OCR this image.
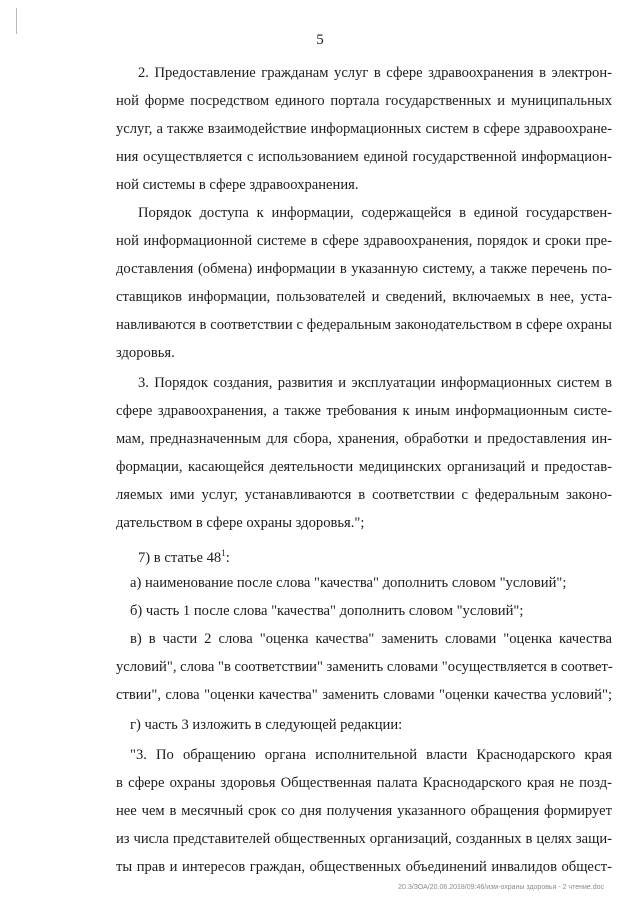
5
2. Предоставление гражданам услуг в сфере здравоохранения в электрон-
ной форме посредством единого портала государственных и муниципальных
услуг, а также взаимодействие информационных систем в сфере здравоохране-
ния осуществляется с использованием единой государственной информацион-
ной системы в сфере здравоохранения.
Порядок доступа к информации, содержащейся в единой государствен-
ной информационной системе в сфере здравоохранения, порядок и сроки пре-
доставления (обмена) информации в указанную систему, а также перечень по-
ставщиков информации, пользователей и сведений, включаемых в нее, уста-
навливаются в соответствии с федеральным законодательством в сфере охраны
здоровья.
3. Порядок создания, развития и эксплуатации информационных систем в
сфере здравоохранения, а также требования к иным информационным систе-
мам, предназначенным для сбора, хранения, обработки и предоставления ин-
формации, касающейся деятельности медицинских организаций и предостав-
ляемых ими услуг, устанавливаются в соответствии с федеральным законо-
дательством в сфере охраны здоровья.";
7) в статье $48^1$:
а) наименование после слова "качества" дополнить словом "условий";
б) часть 1 после слова "качества" дополнить словом "условий";
в) в части 2 слова "оценка качества" заменить словами "оценка качества
условий", слова "в соответствии" заменить словами "осуществляется в соответ-
ствии", слова "оценки качества" заменить словами "оценки качества условий";
г) часть 3 изложить в следующей редакции:
"3. По обращению органа исполнительной власти Краснодарского края
в сфере охраны здоровья Общественная палата Краснодарского края не позд-
нее чем в месячный срок со дня получения указанного обращения формирует
из числа представителей общественных организаций, созданных в целях защи-
ты прав и интересов граждан, общественных объединений инвалидов общест-
20.3/ЗОА/20.06.2018/09:46/изм-охраны здоровья - 2 чтение.doc
